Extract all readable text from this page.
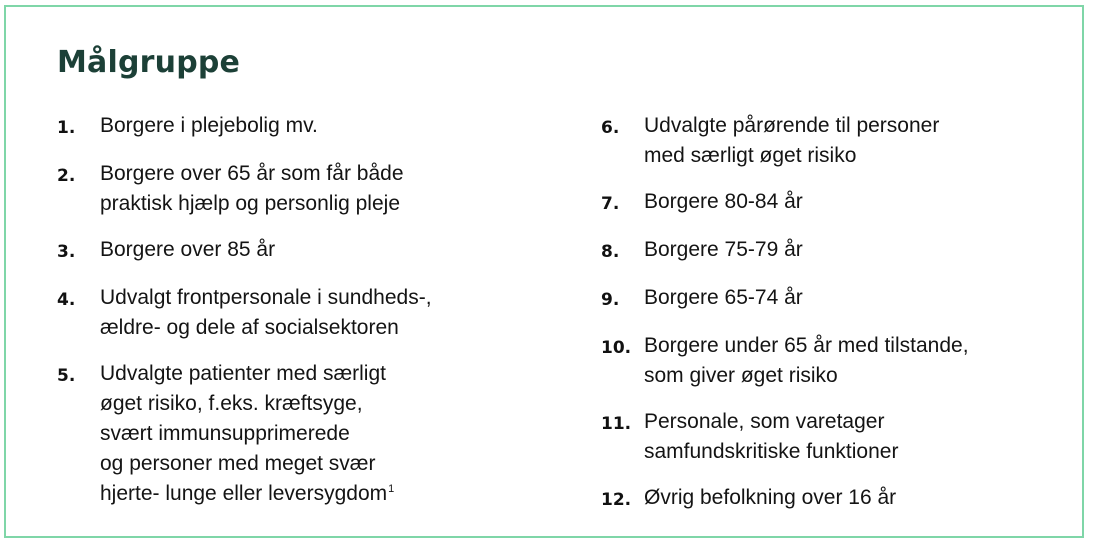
Målgruppe
1.	Borgere i plejebolig mv.
2.	Borgere over 65 år som får både
praktisk hjælp og personlig pleje
3.	Borgere over 85 år
4.	Udvalgt frontpersonale i sundheds-,
ældre- og dele af socialsektoren
5.	Udvalgte patienter med særligt
øget risiko, f.eks. kræftsyge,
svært immunsupprimerede
og personer med meget svær
hjerte- lunge eller leversygdom$^1$
6.	Udvalgte pårørende til personer
med særligt øget risiko
7.	Borgere 80-84 år
8.	Borgere 75-79 år
9.	Borgere 65-74 år
10. Borgere under 65 år med tilstande,
som giver øget risiko
11. Personale, som varetager
samfundskritiske funktioner
12. Øvrig befolkning over 16 år
